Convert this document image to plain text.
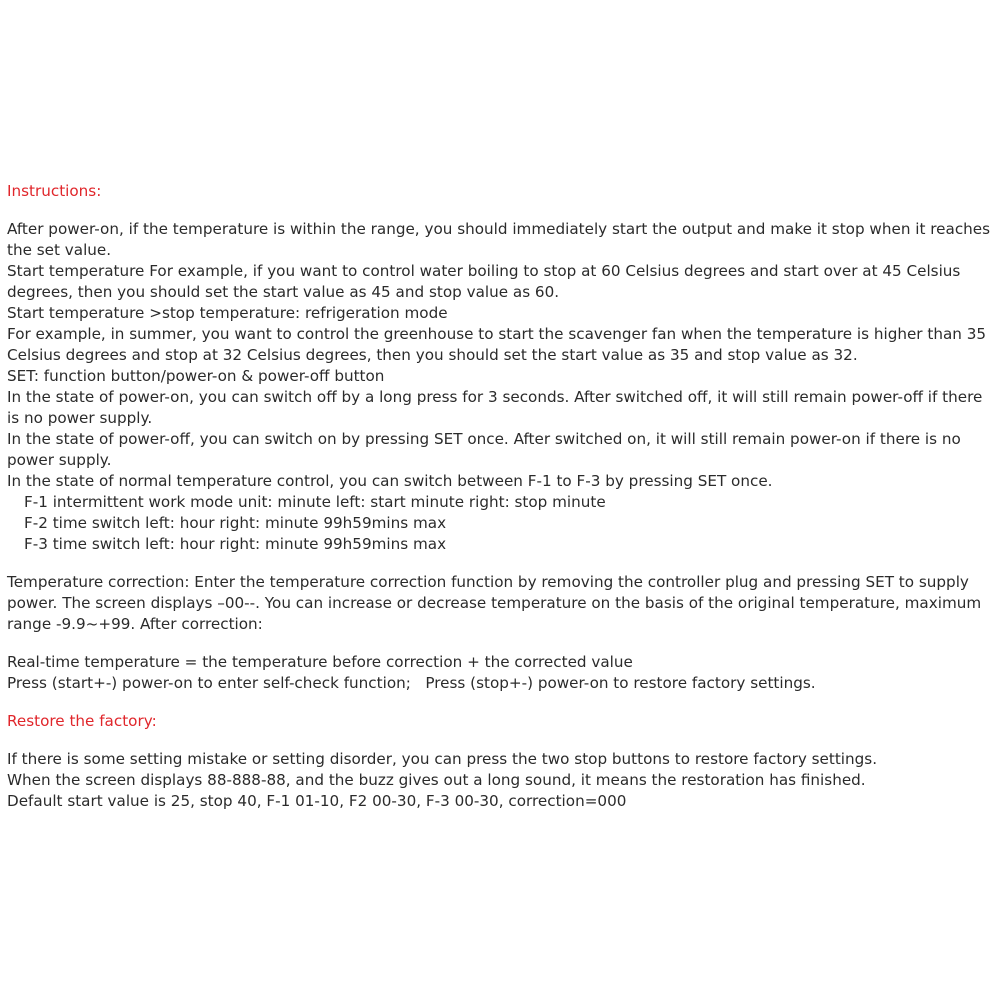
Instructions:

After power-on, if the temperature is within the range, you should immediately start the output and make it stop when it reaches the set value.

Start temperature For example, if you want to control water boiling to stop at 60 Celsius degrees and start over at 45 Celsius degrees, then you should set the start value as 45 and stop value as 60.

Start temperature >stop temperature: refrigeration mode

For example, in summer, you want to control the greenhouse to start the scavenger fan when the temperature is higher than 35 Celsius degrees and stop at 32 Celsius degrees, then you should set the start value as 35 and stop value as 32.

SET: function button/power-on & power-off button

In the state of power-on, you can switch off by a long press for 3 seconds. After switched off, it will still remain power-off if there is no power supply.

In the state of power-off, you can switch on by pressing SET once. After switched on, it will still remain power-on if there is no power supply.

In the state of normal temperature control, you can switch between F-1 to F-3 by pressing SET once.

F-1 intermittent work mode unit: minute left: start minute right: stop minute

F-2 time switch left: hour right: minute 99h59mins max

F-3 time switch left: hour right: minute 99h59mins max

Temperature correction: Enter the temperature correction function by removing the controller plug and pressing SET to supply power. The screen displays –00--. You can increase or decrease temperature on the basis of the original temperature, maximum range -9.9~+99. After correction:

Real-time temperature = the temperature before correction + the corrected value

Press (start+-) power-on to enter self-check function;   Press (stop+-) power-on to restore factory settings.

Restore the factory:

If there is some setting mistake or setting disorder, you can press the two stop buttons to restore factory settings.

When the screen displays 88-888-88, and the buzz gives out a long sound, it means the restoration has finished.

Default start value is 25, stop 40, F-1 01-10, F2 00-30, F-3 00-30, correction=000
